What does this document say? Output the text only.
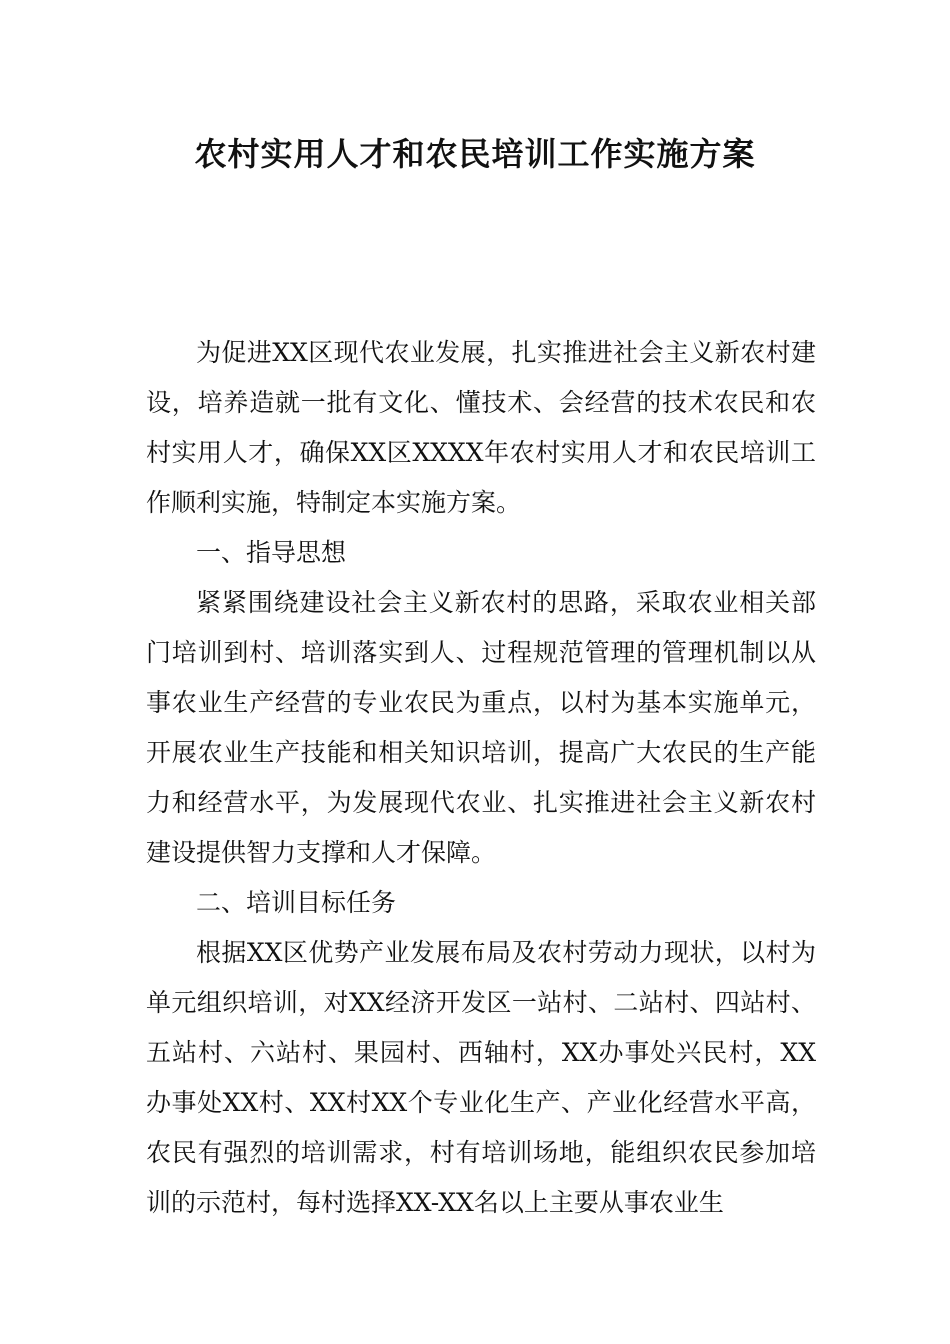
农村实用人才和农民培训工作实施方案

为促进XX区现代农业发展，扎实推进社会主义新农村建设，培养造就一批有文化、懂技术、会经营的技术农民和农村实用人才，确保XX区XXXX年农村实用人才和农民培训工作顺利实施，特制定本实施方案。

一、指导思想

紧紧围绕建设社会主义新农村的思路，采取农业相关部门培训到村、培训落实到人、过程规范管理的管理机制以从事农业生产经营的专业农民为重点，以村为基本实施单元，开展农业生产技能和相关知识培训，提高广大农民的生产能力和经营水平，为发展现代农业、扎实推进社会主义新农村建设提供智力支撑和人才保障。

二、培训目标任务

根据XX区优势产业发展布局及农村劳动力现状，以村为单元组织培训，对XX经济开发区一站村、二站村、四站村、五站村、六站村、果园村、西轴村，XX办事处兴民村，XX办事处XX村、XX村XX个专业化生产、产业化经营水平高，农民有强烈的培训需求，村有培训场地，能组织农民参加培训的示范村，每村选择XX-XX名以上主要从事农业生
